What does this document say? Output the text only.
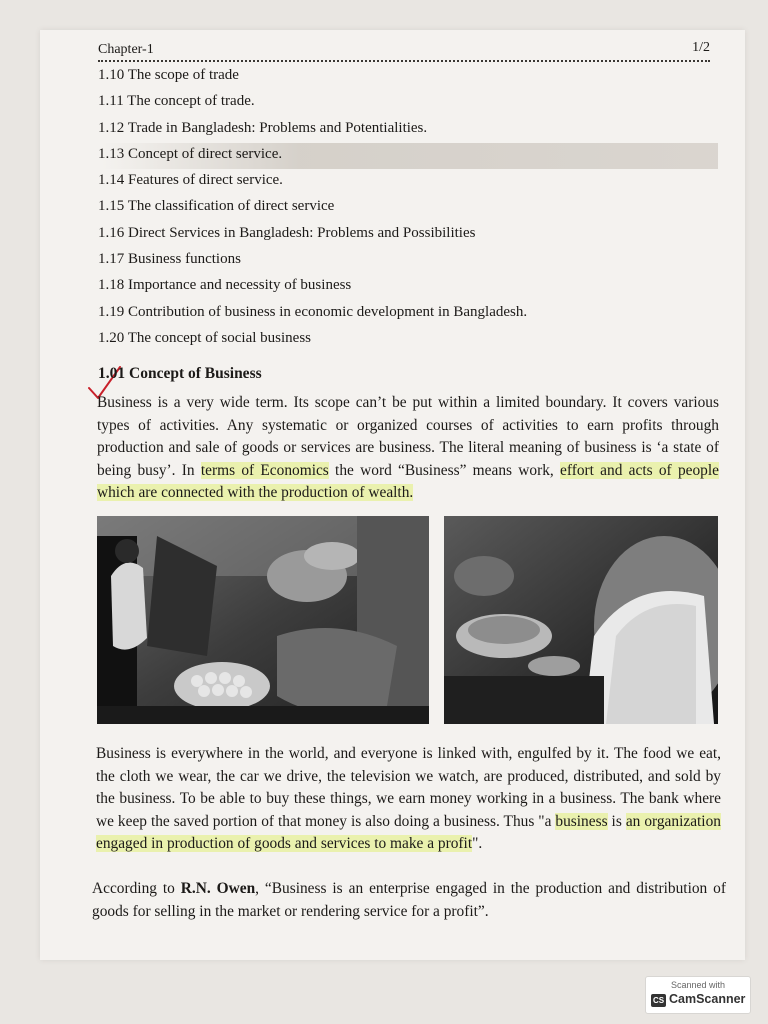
Chapter-1	1/2
1.10 The scope of trade
1.11 The concept of trade.
1.12 Trade in Bangladesh: Problems and Potentialities.
1.13 Concept of direct service.
1.14 Features of direct service.
1.15 The classification of direct service
1.16 Direct Services in Bangladesh: Problems and Possibilities
1.17 Business functions
1.18 Importance and necessity of business
1.19 Contribution of business in economic development in Bangladesh.
1.20 The concept of social business
1.01 Concept of Business
Business is a very wide term. Its scope can’t be put within a limited boundary. It covers various types of activities. Any systematic or organized courses of activities to earn profits through production and sale of goods or services are business. The literal meaning of business is ‘a state of being busy’. In terms of Economics the word “Business” means work, effort and acts of people which are connected with the production of wealth.
Business is everywhere in the world, and everyone is linked with, engulfed by it. The food we eat, the cloth we wear, the car we drive, the television we watch, are produced, distributed, and sold by the business. To be able to buy these things, we earn money working in a business. The bank where we keep the saved portion of that money is also doing a business. Thus "a business is an organization engaged in production of goods and services to make a profit".
According to R.N. Owen, “Business is an enterprise engaged in the production and distribution of goods for selling in the market or rendering service for a profit”.
Scanned with
CS CamScanner
